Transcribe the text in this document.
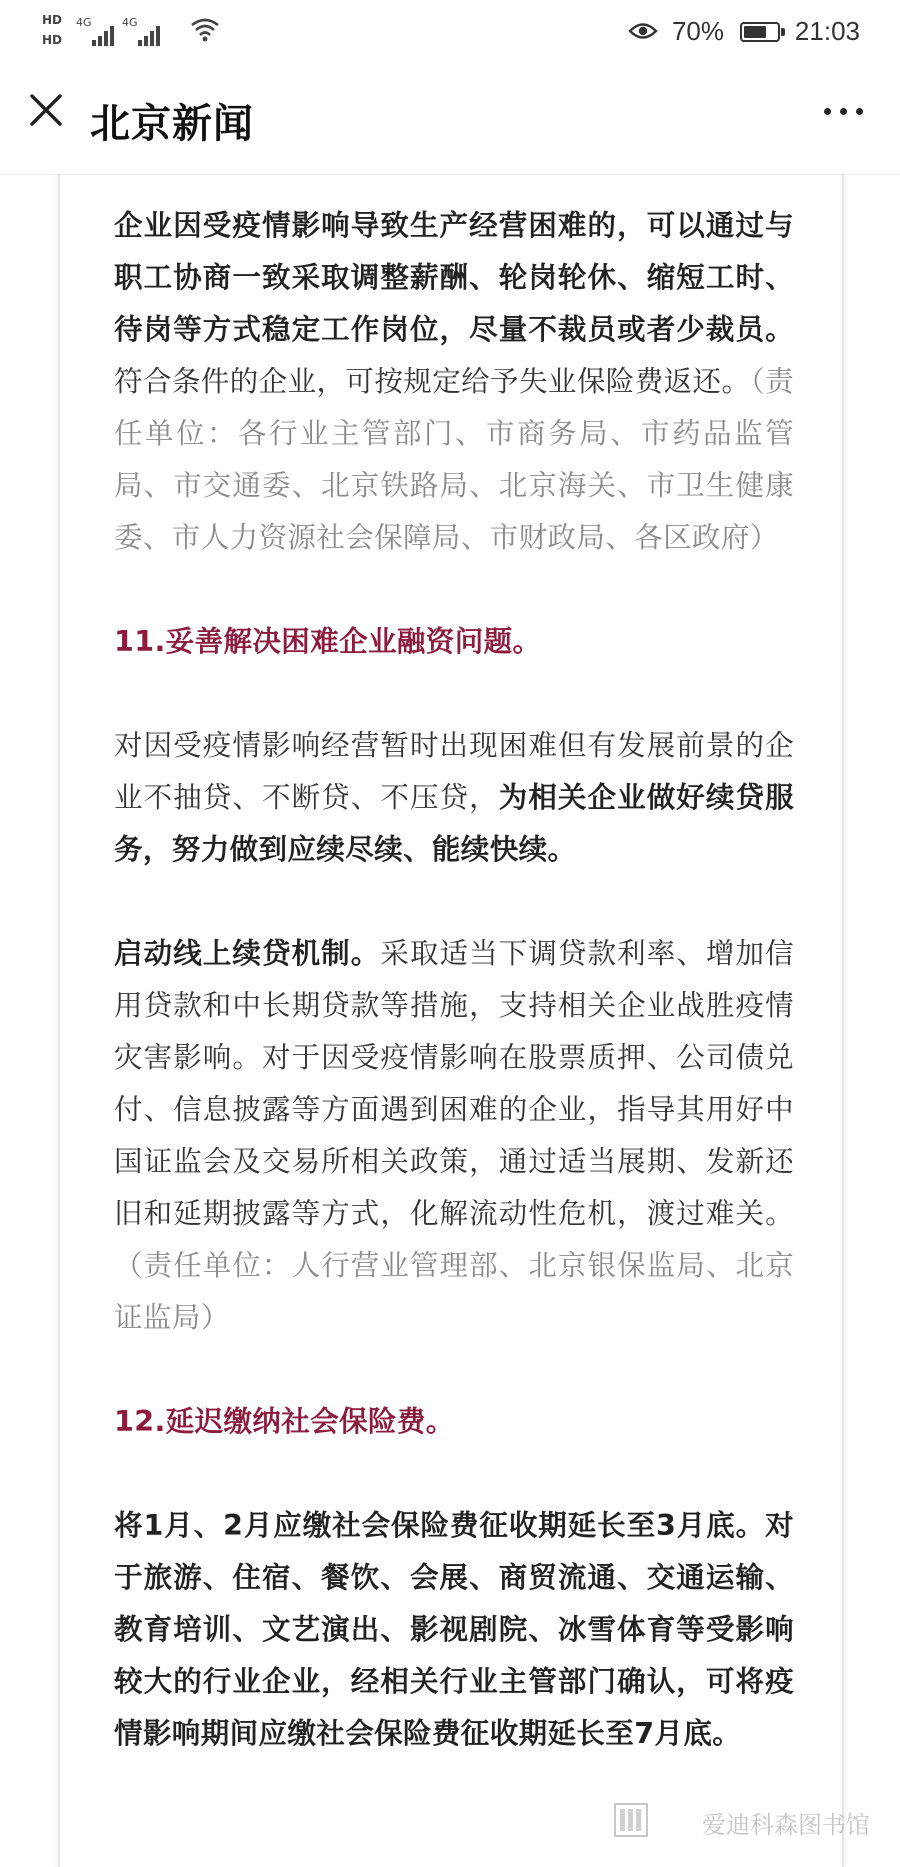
HD
HD
4G	4G	70%	21:03
北京新闻

企业因受疫情影响导致生产经营困难的，可以通过与职工协商一致采取调整薪酬、轮岗轮休、缩短工时、待岗等方式稳定工作岗位，尽量不裁员或者少裁员。符合条件的企业，可按规定给予失业保险费返还。（责任单位：各行业主管部门、市商务局、市药品监管局、市交通委、北京铁路局、北京海关、市卫生健康委、市人力资源社会保障局、市财政局、各区政府）

11.妥善解决困难企业融资问题。

对因受疫情影响经营暂时出现困难但有发展前景的企业不抽贷、不断贷、不压贷，为相关企业做好续贷服务，努力做到应续尽续、能续快续。

启动线上续贷机制。采取适当下调贷款利率、增加信用贷款和中长期贷款等措施，支持相关企业战胜疫情灾害影响。对于因受疫情影响在股票质押、公司债兑付、信息披露等方面遇到困难的企业，指导其用好中国证监会及交易所相关政策，通过适当展期、发新还旧和延期披露等方式，化解流动性危机，渡过难关。（责任单位：人行营业管理部、北京银保监局、北京证监局）

12.延迟缴纳社会保险费。

将1月、2月应缴社会保险费征收期延长至3月底。对于旅游、住宿、餐饮、会展、商贸流通、交通运输、教育培训、文艺演出、影视剧院、冰雪体育等受影响较大的行业企业，经相关行业主管部门确认，可将疫情影响期间应缴社会保险费征收期延长至7月底。

爱迪科森图书馆
